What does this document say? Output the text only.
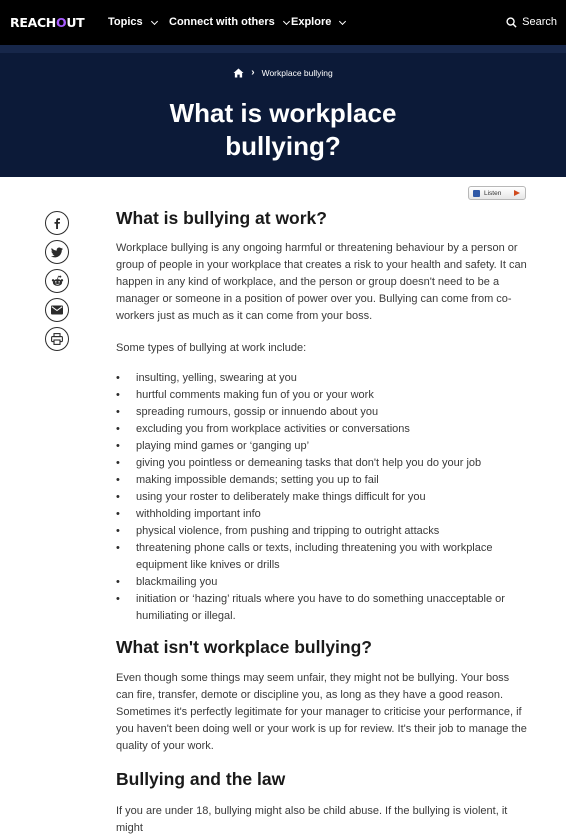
REACHOUT Topics	Connect with others	Explore	Search
› Workplace bullying
What is workplace
bullying?
Listen
What is bullying at work?

Workplace bullying is any ongoing harmful or threatening behaviour by a person or group of people in your workplace that creates a risk to your health and safety. It can happen in any kind of workplace, and the person or group doesn't need to be a manager or someone in a position of power over you. Bullying can come from co-workers just as much as it can come from your boss.

Some types of bullying at work include:

• insulting, yelling, swearing at you
• hurtful comments making fun of you or your work
• spreading rumours, gossip or innuendo about you
• excluding you from workplace activities or conversations
• playing mind games or ‘ganging up’
• giving you pointless or demeaning tasks that don't help you do your job
• making impossible demands; setting you up to fail
• using your roster to deliberately make things difficult for you
• withholding important info
• physical violence, from pushing and tripping to outright attacks
• threatening phone calls or texts, including threatening you with workplace equipment like knives or drills
• blackmailing you
• initiation or ‘hazing’ rituals where you have to do something unacceptable or humiliating or illegal.
What isn't workplace bullying?

Even though some things may seem unfair, they might not be bullying. Your boss can fire, transfer, demote or discipline you, as long as they have a good reason. Sometimes it's perfectly legitimate for your manager to criticise your performance, if you haven't been doing well or your work is up for review. It's their job to manage the quality of your work.

Bullying and the law

If you are under 18, bullying might also be child abuse. If the bullying is violent, it might
